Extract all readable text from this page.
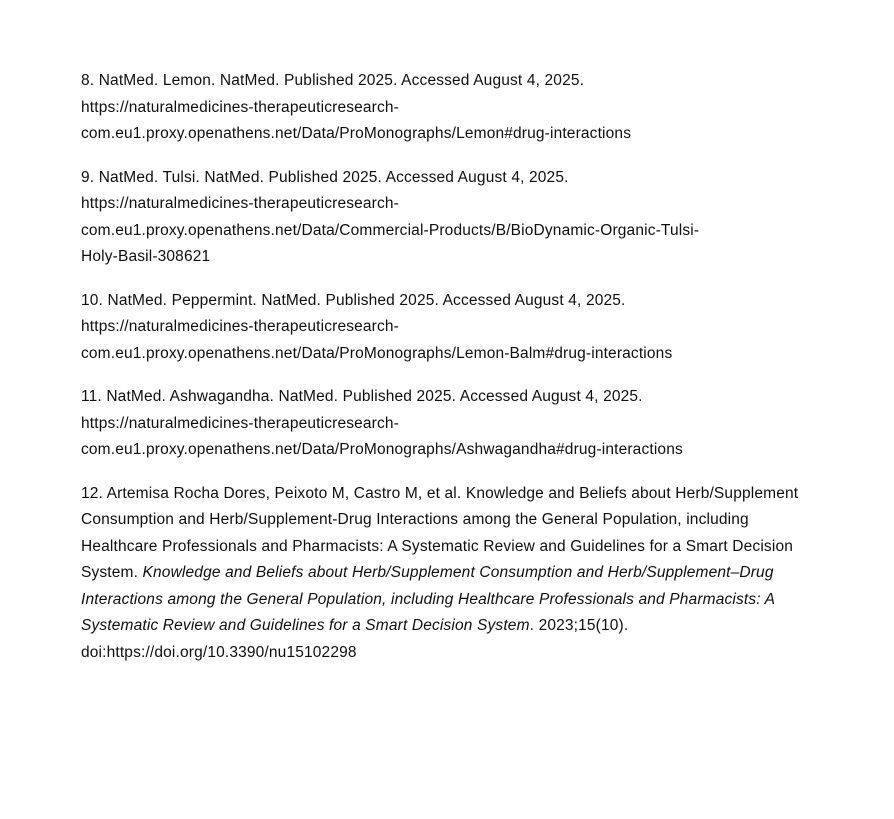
8. NatMed. Lemon. NatMed. Published 2025. Accessed August 4, 2025.
https://naturalmedicines-therapeuticresearch-
com.eu1.proxy.openathens.net/Data/ProMonographs/Lemon#drug-interactions

9. NatMed. Tulsi. NatMed. Published 2025. Accessed August 4, 2025.
https://naturalmedicines-therapeuticresearch-
com.eu1.proxy.openathens.net/Data/Commercial-Products/B/BioDynamic-Organic-Tulsi-
Holy-Basil-308621

10. NatMed. Peppermint. NatMed. Published 2025. Accessed August 4, 2025.
https://naturalmedicines-therapeuticresearch-
com.eu1.proxy.openathens.net/Data/ProMonographs/Lemon-Balm#drug-interactions

11. NatMed. Ashwagandha. NatMed. Published 2025. Accessed August 4, 2025.
https://naturalmedicines-therapeuticresearch-
com.eu1.proxy.openathens.net/Data/ProMonographs/Ashwagandha#drug-interactions

12. Artemisa Rocha Dores, Peixoto M, Castro M, et al. Knowledge and Beliefs about Herb/Supplement Consumption and Herb/Supplement-Drug Interactions among the General Population, including Healthcare Professionals and Pharmacists: A Systematic Review and Guidelines for a Smart Decision System. Knowledge and Beliefs about Herb/Supplement Consumption and Herb/Supplement–Drug Interactions among the General Population, including Healthcare Professionals and Pharmacists: A Systematic Review and Guidelines for a Smart Decision System. 2023;15(10). doi:https://doi.org/10.3390/nu15102298
